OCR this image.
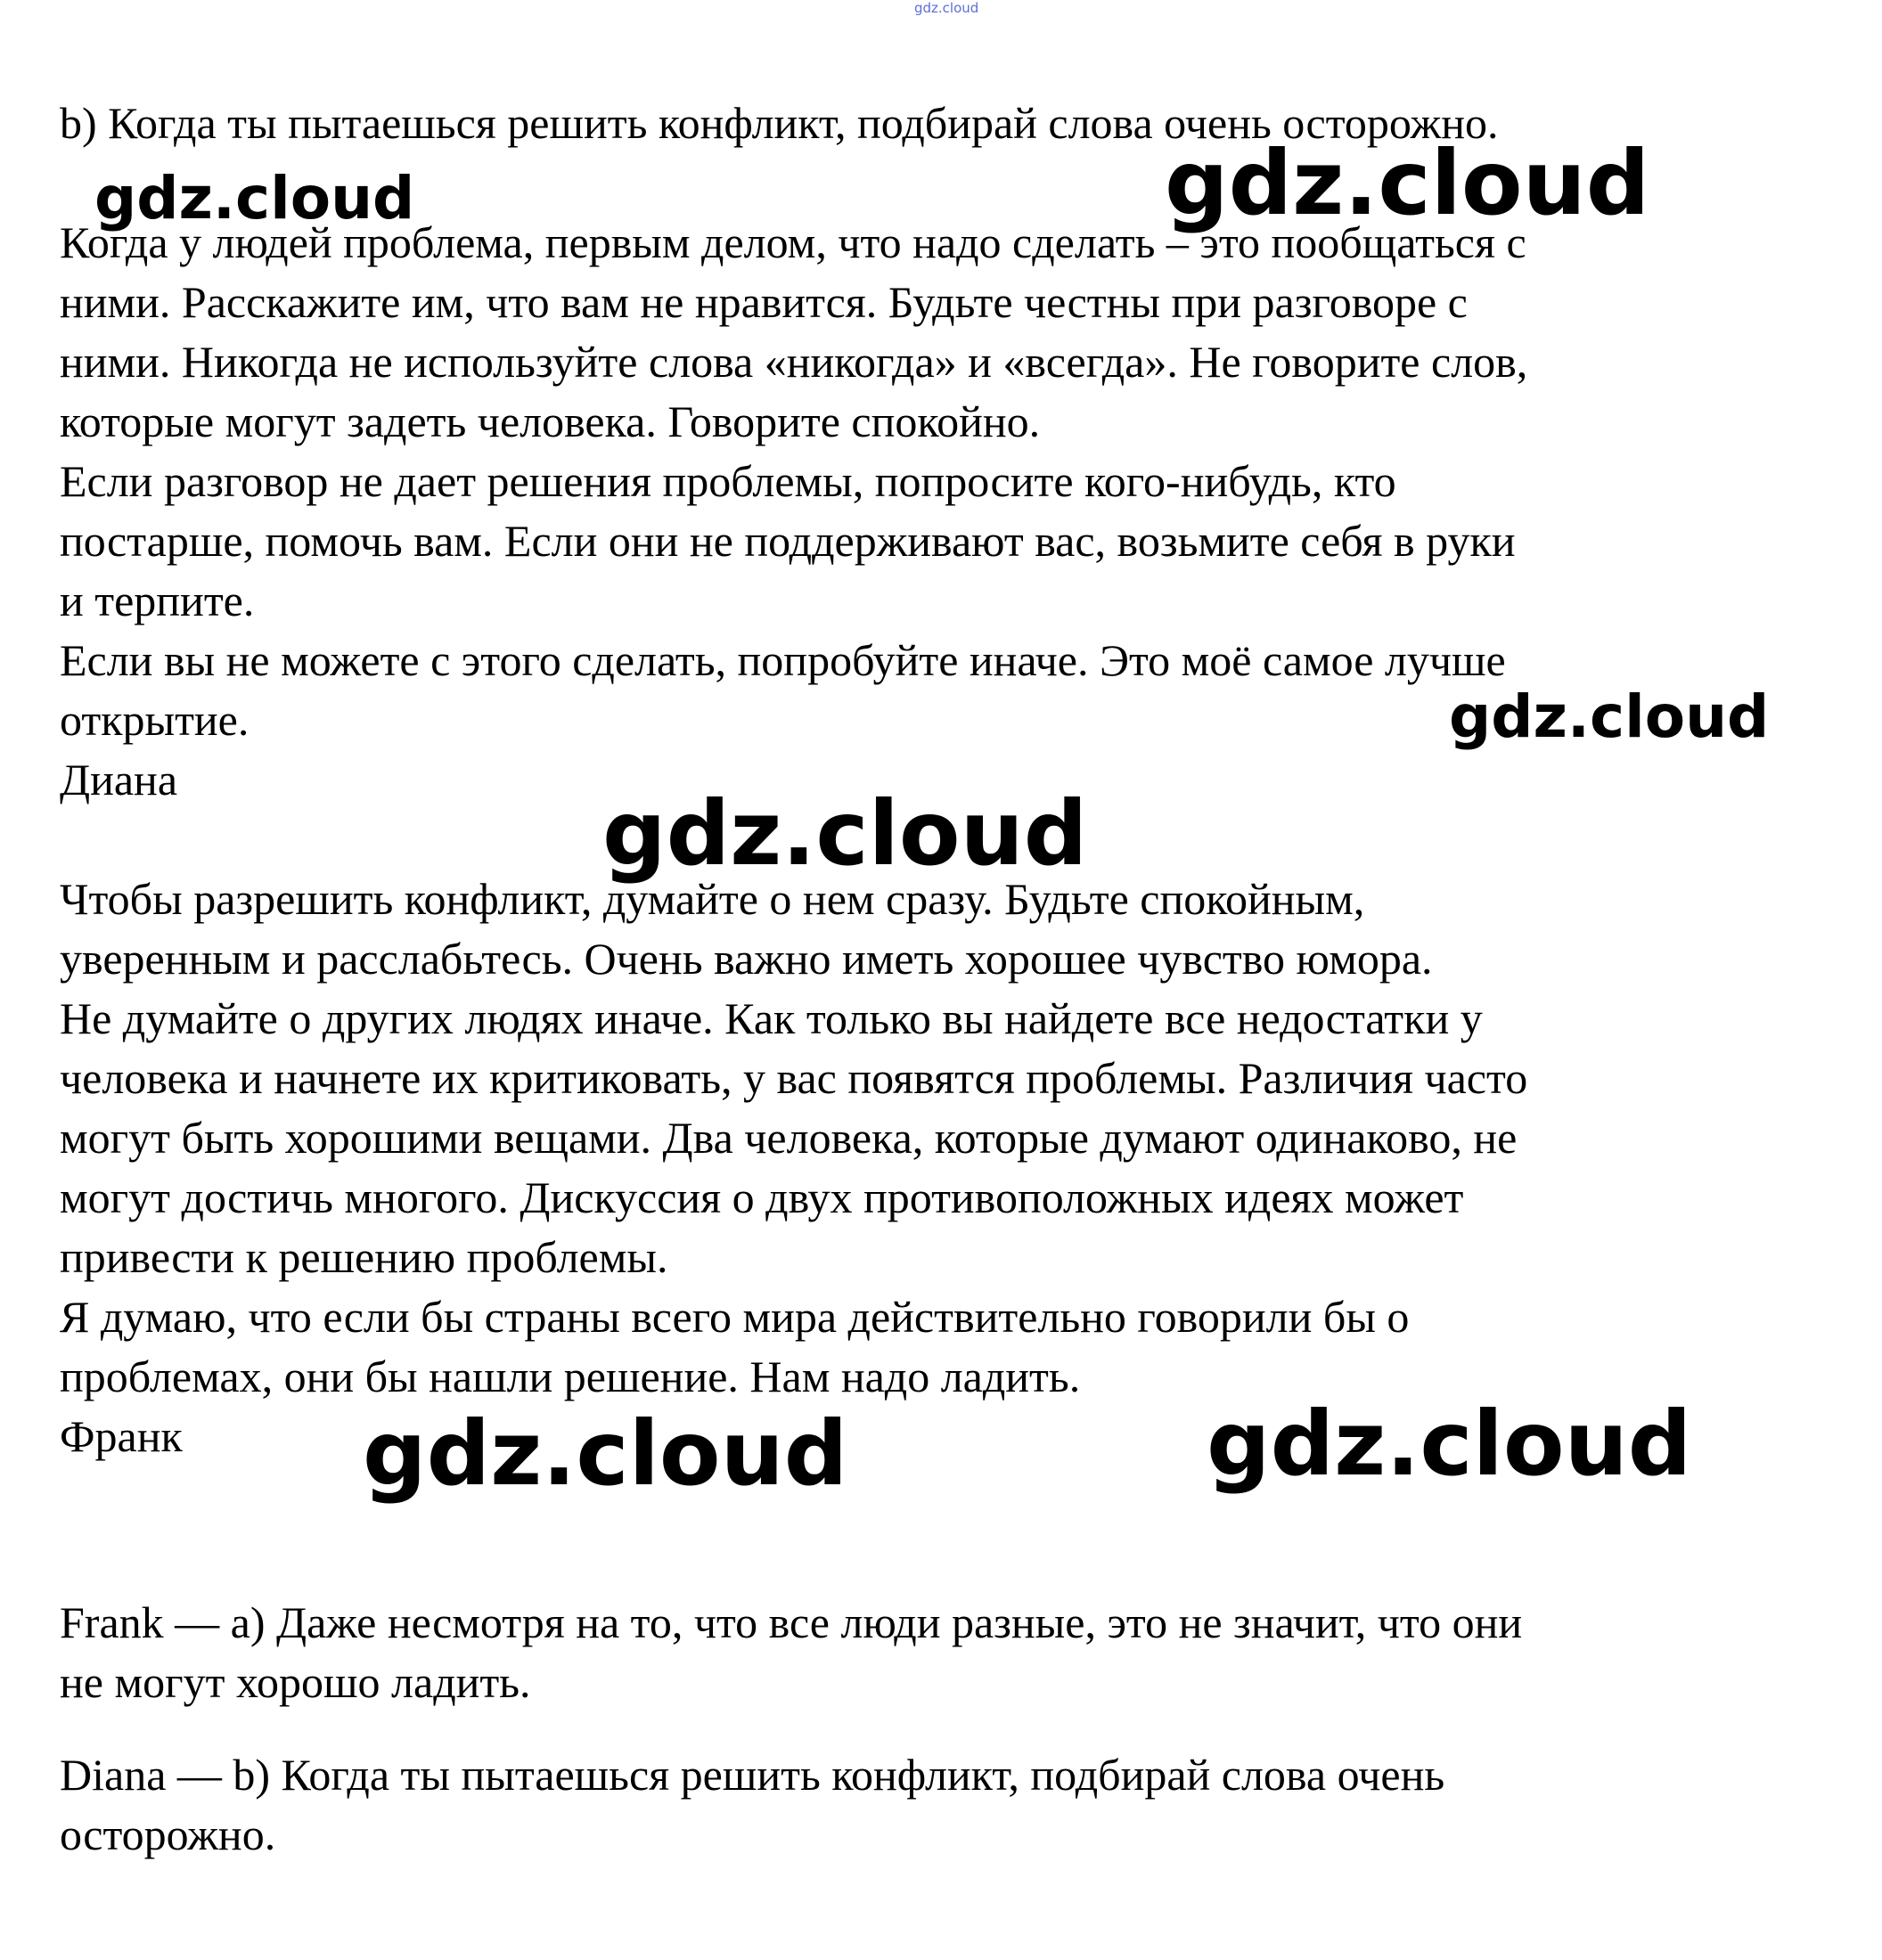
gdz.cloud
gdz.cloud	gdz.cloud
gdz.cloud
gdz.cloud
gdz.cloud	gdz.cloud

b) Когда ты пытаешься решить конфликт, подбирай слова очень осторожно.

Когда у людей проблема, первым делом, что надо сделать – это пообщаться с

ними. Расскажите им, что вам не нравится. Будьте честны при разговоре с

ними. Никогда не используйте слова «никогда» и «всегда». Не говорите слов,

которые могут задеть человека. Говорите спокойно.

Если разговор не дает решения проблемы, попросите кого-нибудь, кто

постарше, помочь вам. Если они не поддерживают вас, возьмите себя в руки

и терпите.

Если вы не можете с этого сделать, попробуйте иначе. Это моё самое лучше

открытие.

Диана

Чтобы разрешить конфликт, думайте о нем сразу. Будьте спокойным,

уверенным и расслабьтесь. Очень важно иметь хорошее чувство юмора.

Не думайте о других людях иначе. Как только вы найдете все недостатки у

человека и начнете их критиковать, у вас появятся проблемы. Различия часто

могут быть хорошими вещами. Два человека, которые думают одинаково, не

могут достичь многого. Дискуссия о двух противоположных идеях может

привести к решению проблемы.

Я думаю, что если бы страны всего мира действительно говорили бы о

проблемах, они бы нашли решение. Нам надо ладить.

Франк

Frank — a) Даже несмотря на то, что все люди разные, это не значит, что они

не могут хорошо ладить.

Diana — b) Когда ты пытаешься решить конфликт, подбирай слова очень

осторожно.
